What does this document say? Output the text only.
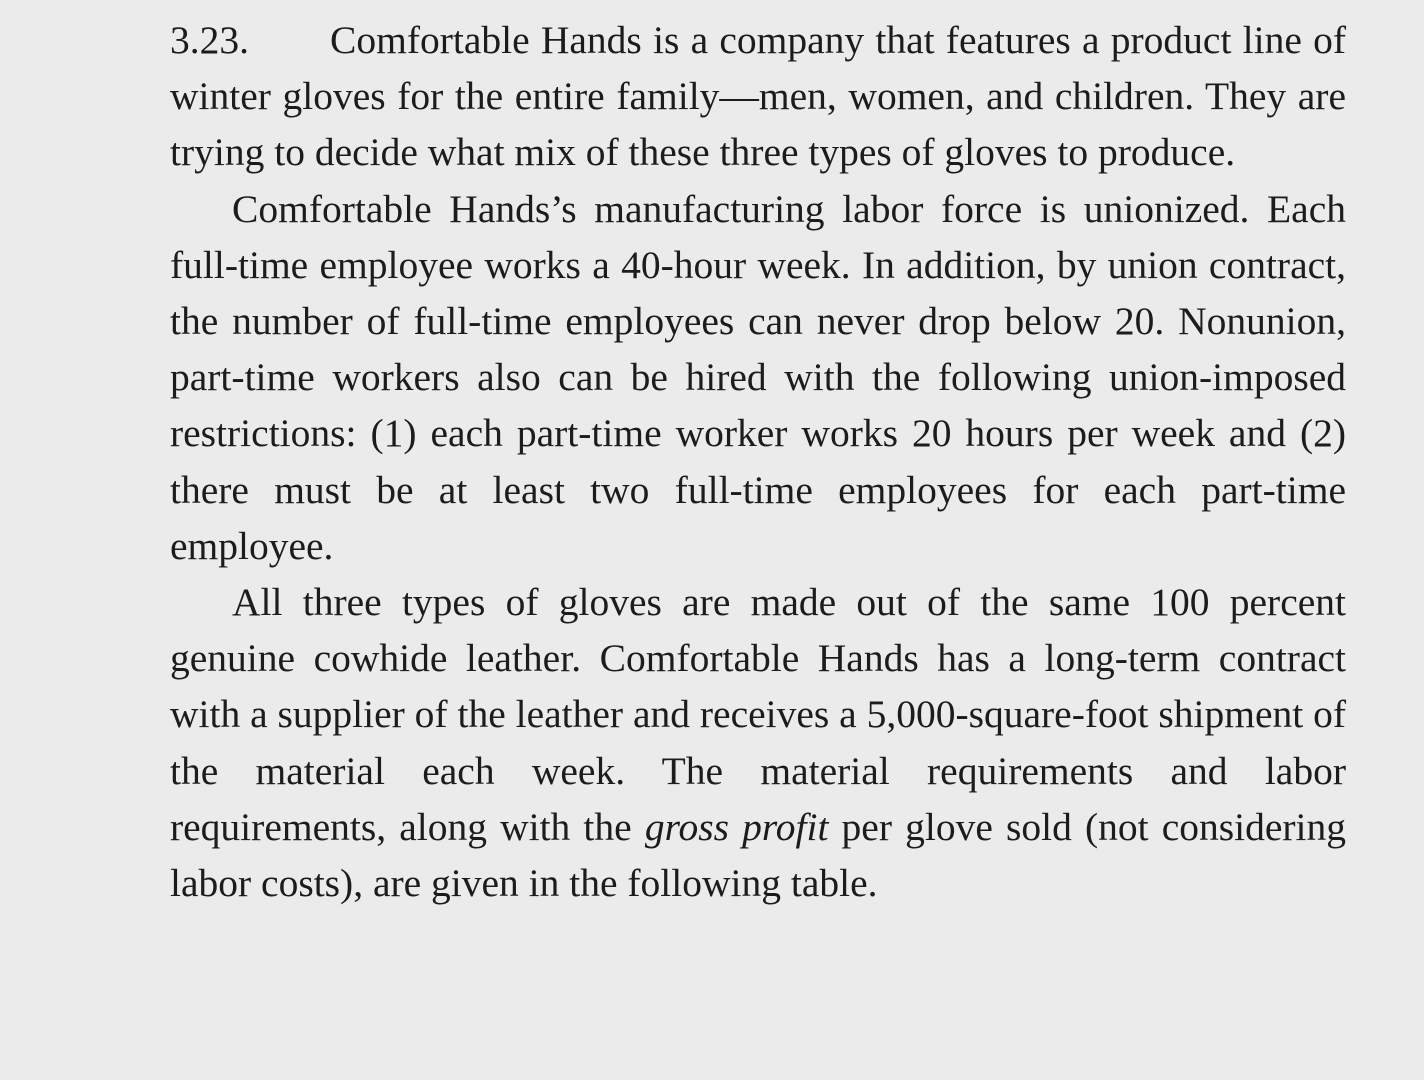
3.23. Comfortable Hands is a company that features a product line of winter gloves for the entire family—men, women, and children. They are trying to decide what mix of these three types of gloves to produce.

Comfortable Hands’s manufacturing labor force is unionized. Each full-time employee works a 40-hour week. In addition, by union contract, the number of full-time employees can never drop below 20. Nonunion, part-time workers also can be hired with the following union-imposed restrictions: (1) each part-time worker works 20 hours per week and (2) there must be at least two full-time employees for each part-time employee.

All three types of gloves are made out of the same 100 percent genuine cowhide leather. Comfortable Hands has a long-term contract with a supplier of the leather and receives a 5,000-square-foot shipment of the material each week. The material requirements and labor requirements, along with the gross profit per glove sold (not considering labor costs), are given in the following table.
